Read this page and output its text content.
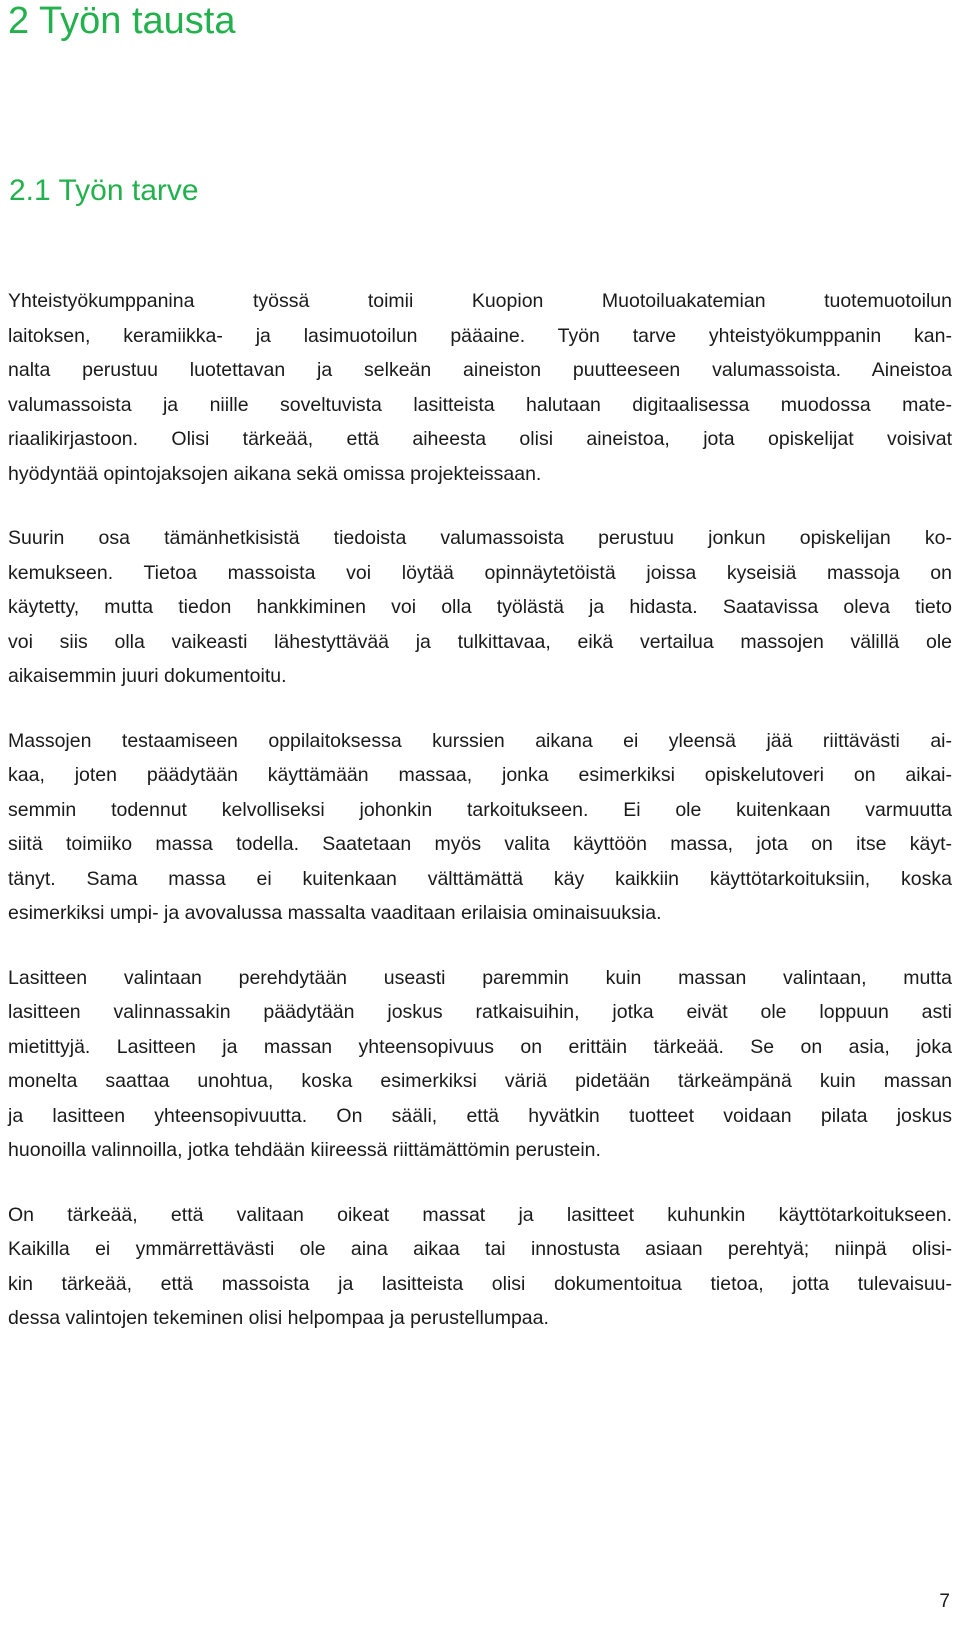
2 Työn tausta
2.1 Työn tarve

Yhteistyökumppanina työssä toimii Kuopion Muotoiluakatemian tuotemuotoilun
laitoksen, keramiikka- ja lasimuotoilun pääaine. Työn tarve yhteistyökumppanin kan-
nalta perustuu luotettavan ja selkeän aineiston puutteeseen valumassoista. Aineistoa
valumassoista ja niille soveltuvista lasitteista halutaan digitaalisessa muodossa mate-
riaalikirjastoon. Olisi tärkeää, että aiheesta olisi aineistoa, jota opiskelijat voisivat
hyödyntää opintojaksojen aikana sekä omissa projekteissaan.

Suurin osa tämänhetkisistä tiedoista valumassoista perustuu jonkun opiskelijan ko-
kemukseen. Tietoa massoista voi löytää opinnäytetöistä joissa kyseisiä massoja on
käytetty, mutta tiedon hankkiminen voi olla työlästä ja hidasta. Saatavissa oleva tieto
voi siis olla vaikeasti lähestyttävää ja tulkittavaa, eikä vertailua massojen välillä ole
aikaisemmin juuri dokumentoitu.

Massojen testaamiseen oppilaitoksessa kurssien aikana ei yleensä jää riittävästi ai-
kaa, joten päädytään käyttämään massaa, jonka esimerkiksi opiskelutoveri on aikai-
semmin todennut kelvolliseksi johonkin tarkoitukseen. Ei ole kuitenkaan varmuutta
siitä toimiiko massa todella. Saatetaan myös valita käyttöön massa, jota on itse käyt-
tänyt. Sama massa ei kuitenkaan välttämättä käy kaikkiin käyttötarkoituksiin, koska
esimerkiksi umpi- ja avovalussa massalta vaaditaan erilaisia ominaisuuksia.

Lasitteen valintaan perehdytään useasti paremmin kuin massan valintaan, mutta
lasitteen valinnassakin päädytään joskus ratkaisuihin, jotka eivät ole loppuun asti
mietittyjä. Lasitteen ja massan yhteensopivuus on erittäin tärkeää. Se on asia, joka
monelta saattaa unohtua, koska esimerkiksi väriä pidetään tärkeämpänä kuin massan
ja lasitteen yhteensopivuutta. On sääli, että hyvätkin tuotteet voidaan pilata joskus
huonoilla valinnoilla, jotka tehdään kiireessä riittämättömin perustein.

On tärkeää, että valitaan oikeat massat ja lasitteet kuhunkin käyttötarkoitukseen.
Kaikilla ei ymmärrettävästi ole aina aikaa tai innostusta asiaan perehtyä; niinpä olisi-
kin tärkeää, että massoista ja lasitteista olisi dokumentoitua tietoa, jotta tulevaisuu-
dessa valintojen tekeminen olisi helpompaa ja perustellumpaa.

7
